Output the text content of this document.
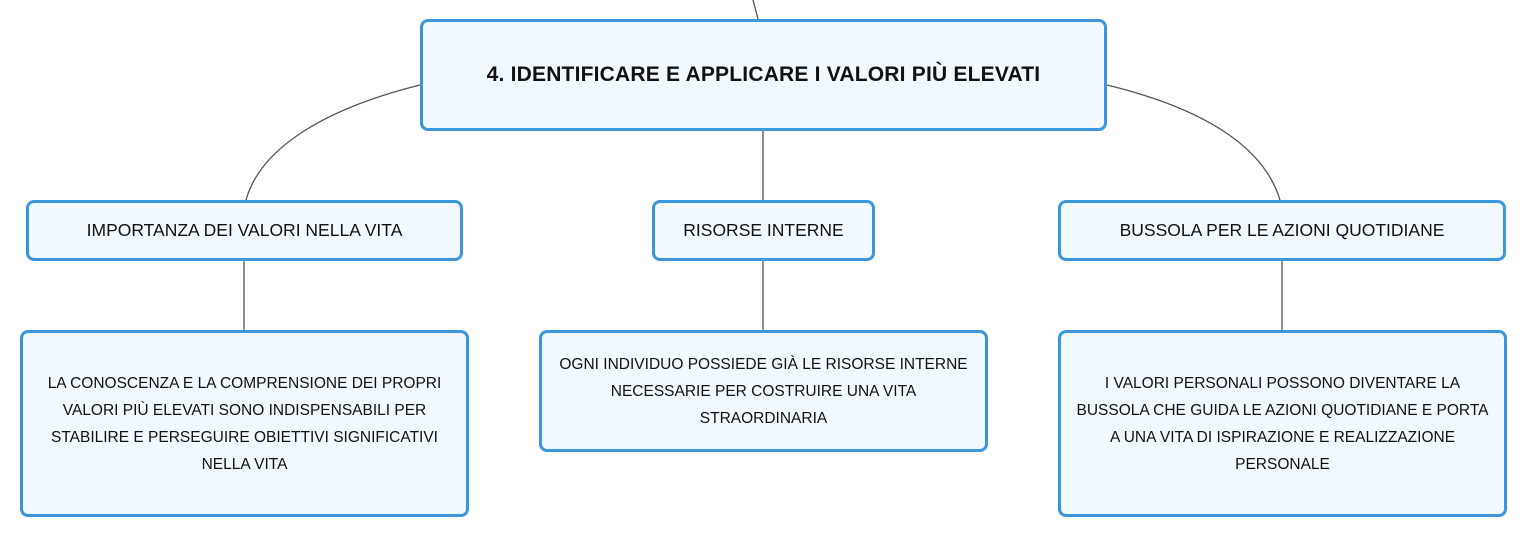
4. IDENTIFICARE E APPLICARE I VALORI PIÙ ELEVATI
IMPORTANZA DEI VALORI NELLA VITA	RISORSE INTERNE	BUSSOLA PER LE AZIONI QUOTIDIANE
LA CONOSCENZA E LA COMPRENSIONE DEI PROPRI VALORI PIÙ ELEVATI SONO INDISPENSABILI PER STABILIRE E PERSEGUIRE OBIETTIVI SIGNIFICATIVI NELLA VITA
OGNI INDIVIDUO POSSIEDE GIÀ LE RISORSE INTERNE NECESSARIE PER COSTRUIRE UNA VITA STRAORDINARIA
I VALORI PERSONALI POSSONO DIVENTARE LA BUSSOLA CHE GUIDA LE AZIONI QUOTIDIANE E PORTA A UNA VITA DI ISPIRAZIONE E REALIZZAZIONE PERSONALE
